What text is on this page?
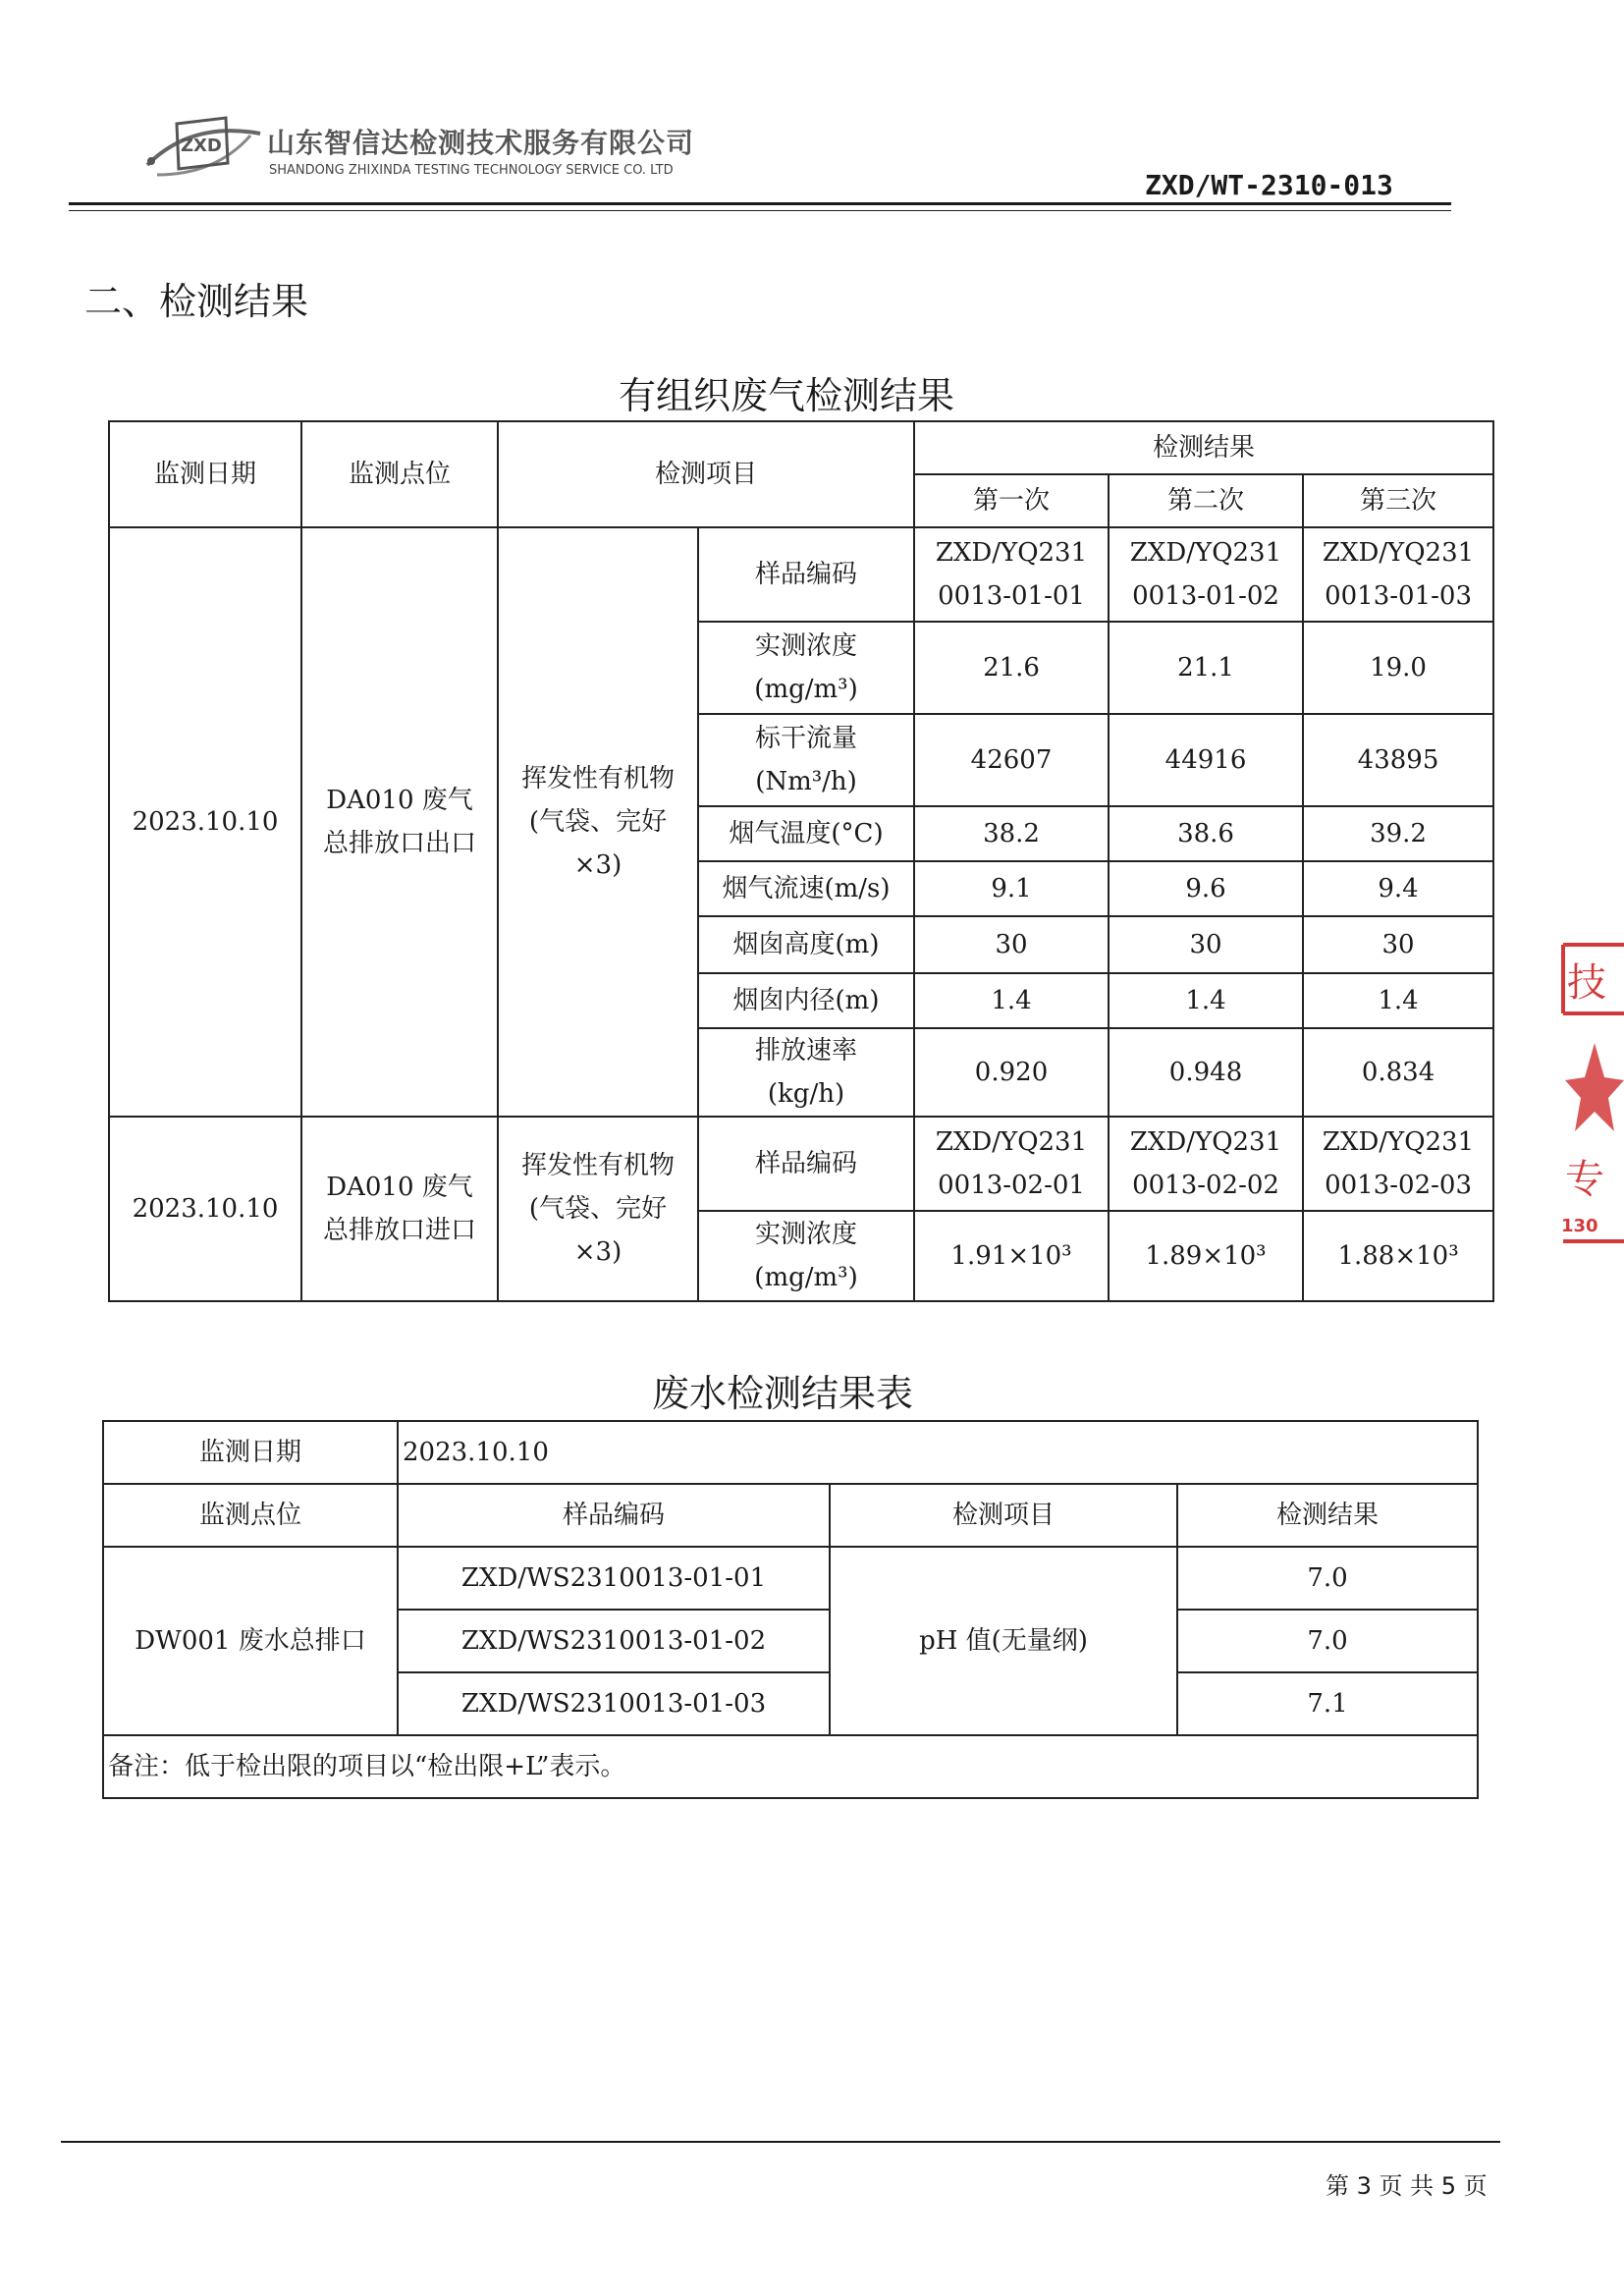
ZXD 山东智信达检测技术服务有限公司
SHANDONG ZHIXINDA TESTING TECHNOLOGY SERVICE CO. LTD	ZXD/WT-2310-013
二、检测结果
有组织废气检测结果
监测日期	监测点位	检测项目		检测结果		
				第一次	第二次	第三次
2023.10.10	DA010 废气总排放口出口	挥发性有机物(气袋、完好×3)	样品编码	ZXD/YQ2310013-01-01	ZXD/YQ2310013-01-02	ZXD/YQ2310013-01-03

			实测浓度(mg/m³)	21.6	21.1	19.0

			标干流量(Nm³/h)	42607	44916	43895
			烟气温度(°C)	38.2	38.6	39.2
			烟气流速(m/s)	9.1	9.6	9.4
			烟囱高度(m)	30	30	30
			烟囱内径(m)	1.4	1.4	1.4

			排放速率(kg/h)	0.920	0.948	0.834
2023.10.10	DA010 废气总排放口进口	挥发性有机物(气袋、完好×3)	样品编码	ZXD/YQ2310013-02-01	ZXD/YQ2310013-02-02	ZXD/YQ2310013-02-03

			实测浓度(mg/m³)	1.91×10³	1.89×10³	1.88×10³
废水检测结果表
监测日期	2023.10.10		
监测点位	样品编码	检测项目	检测结果
DW001 废水总排口	ZXD/WS2310013-01-01	pH 值(无量纲)	7.0
	ZXD/WS2310013-01-02		7.0
	ZXD/WS2310013-01-03		7.1
备注：低于检出限的项目以“检出限+L”表示。			
技
专
130
第 3 页 共 5 页
